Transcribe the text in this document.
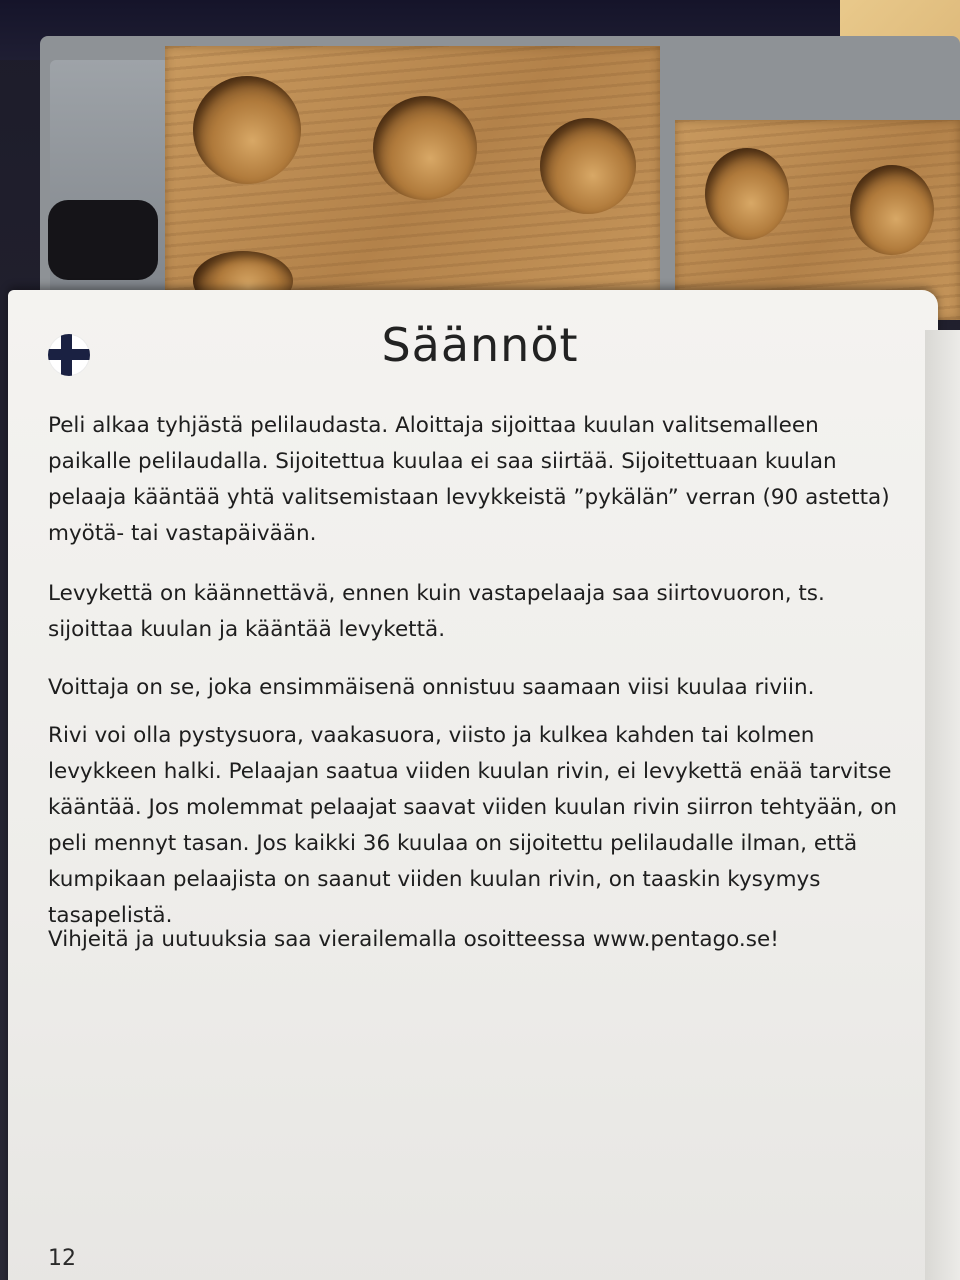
Säännöt

Peli alkaa tyhjästä pelilaudasta. Aloittaja sijoittaa kuulan valitsemalleen paikalle pelilaudalla. Sijoitettua kuulaa ei saa siirtää. Sijoitettuaan kuulan pelaaja kääntää yhtä valitsemistaan levykkeistä ”pykälän” verran (90 astetta) myötä- tai vastapäivään.

Levykettä on käännettävä, ennen kuin vastapelaaja saa siirtovuoron, ts. sijoittaa kuulan ja kääntää levykettä.

Voittaja on se, joka ensimmäisenä onnistuu saamaan viisi kuulaa riviin.

Rivi voi olla pystysuora, vaakasuora, viisto ja kulkea kahden tai kolmen levykkeen halki. Pelaajan saatua viiden kuulan rivin, ei levykettä enää tarvitse kääntää. Jos molemmat pelaajat saavat viiden kuulan rivin siirron tehtyään, on peli mennyt tasan. Jos kaikki 36 kuulaa on sijoitettu pelilaudalle ilman, että kumpikaan pelaajista on saanut viiden kuulan rivin, on taaskin kysymys tasapelistä.

Vihjeitä ja uutuuksia saa vierailemalla osoitteessa www.pentago.se!

12
